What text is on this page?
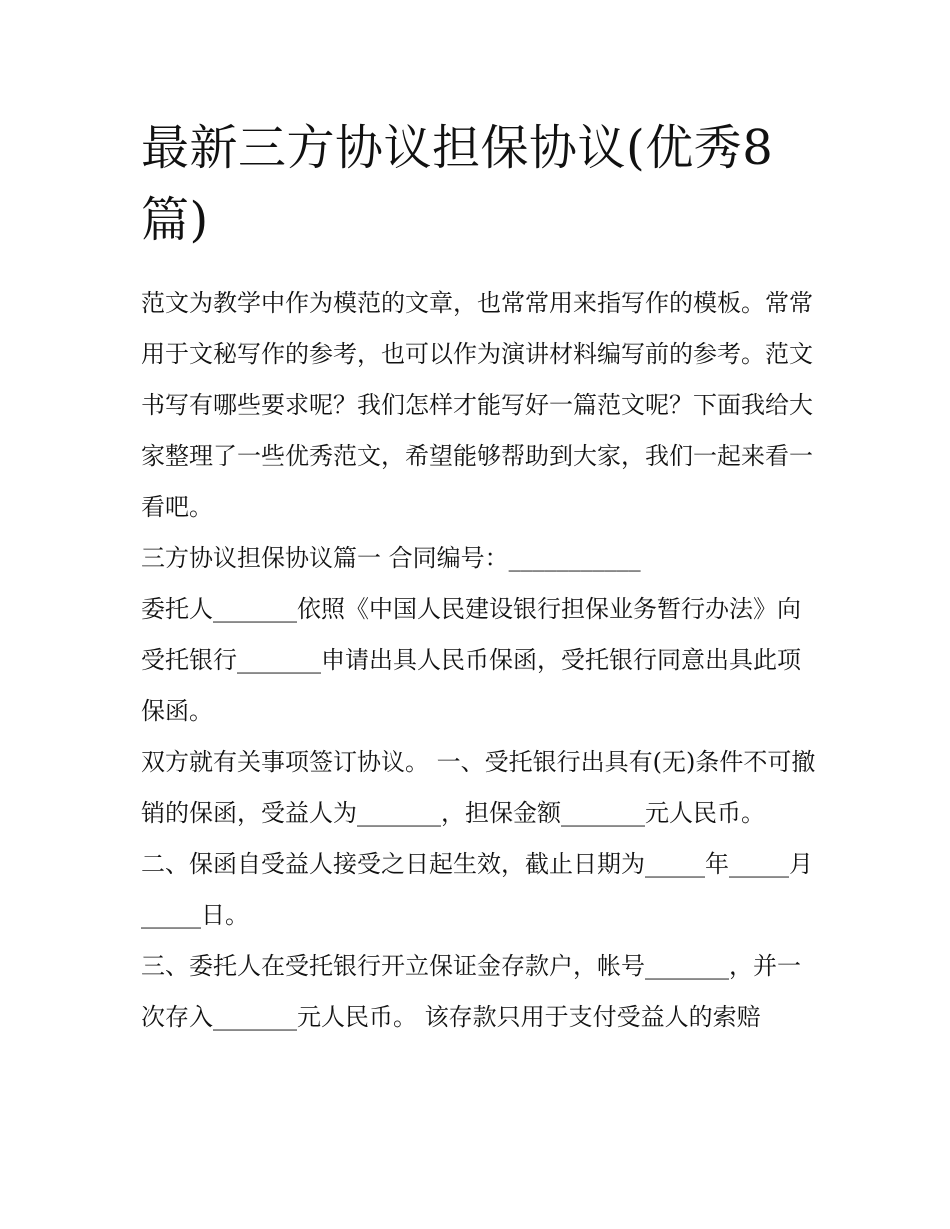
最新三方协议担保协议(优秀8篇)

范文为教学中作为模范的文章，也常常用来指写作的模板。常常用于文秘写作的参考，也可以作为演讲材料编写前的参考。范文书写有哪些要求呢？我们怎样才能写好一篇范文呢？下面我给大家整理了一些优秀范文，希望能够帮助到大家，我们一起来看一看吧。

三方协议担保协议篇一 合同编号：___________

委托人_______依照《中国人民建设银行担保业务暂行办法》向受托银行_______申请出具人民币保函，受托银行同意出具此项保函。

双方就有关事项签订协议。 一、受托银行出具有(无)条件不可撤销的保函，受益人为_______，担保金额_______元人民币。

二、保函自受益人接受之日起生效，截止日期为_____年_____月_____日。

三、委托人在受托银行开立保证金存款户，帐号_______，并一次存入_______元人民币。 该存款只用于支付受益人的索赔
